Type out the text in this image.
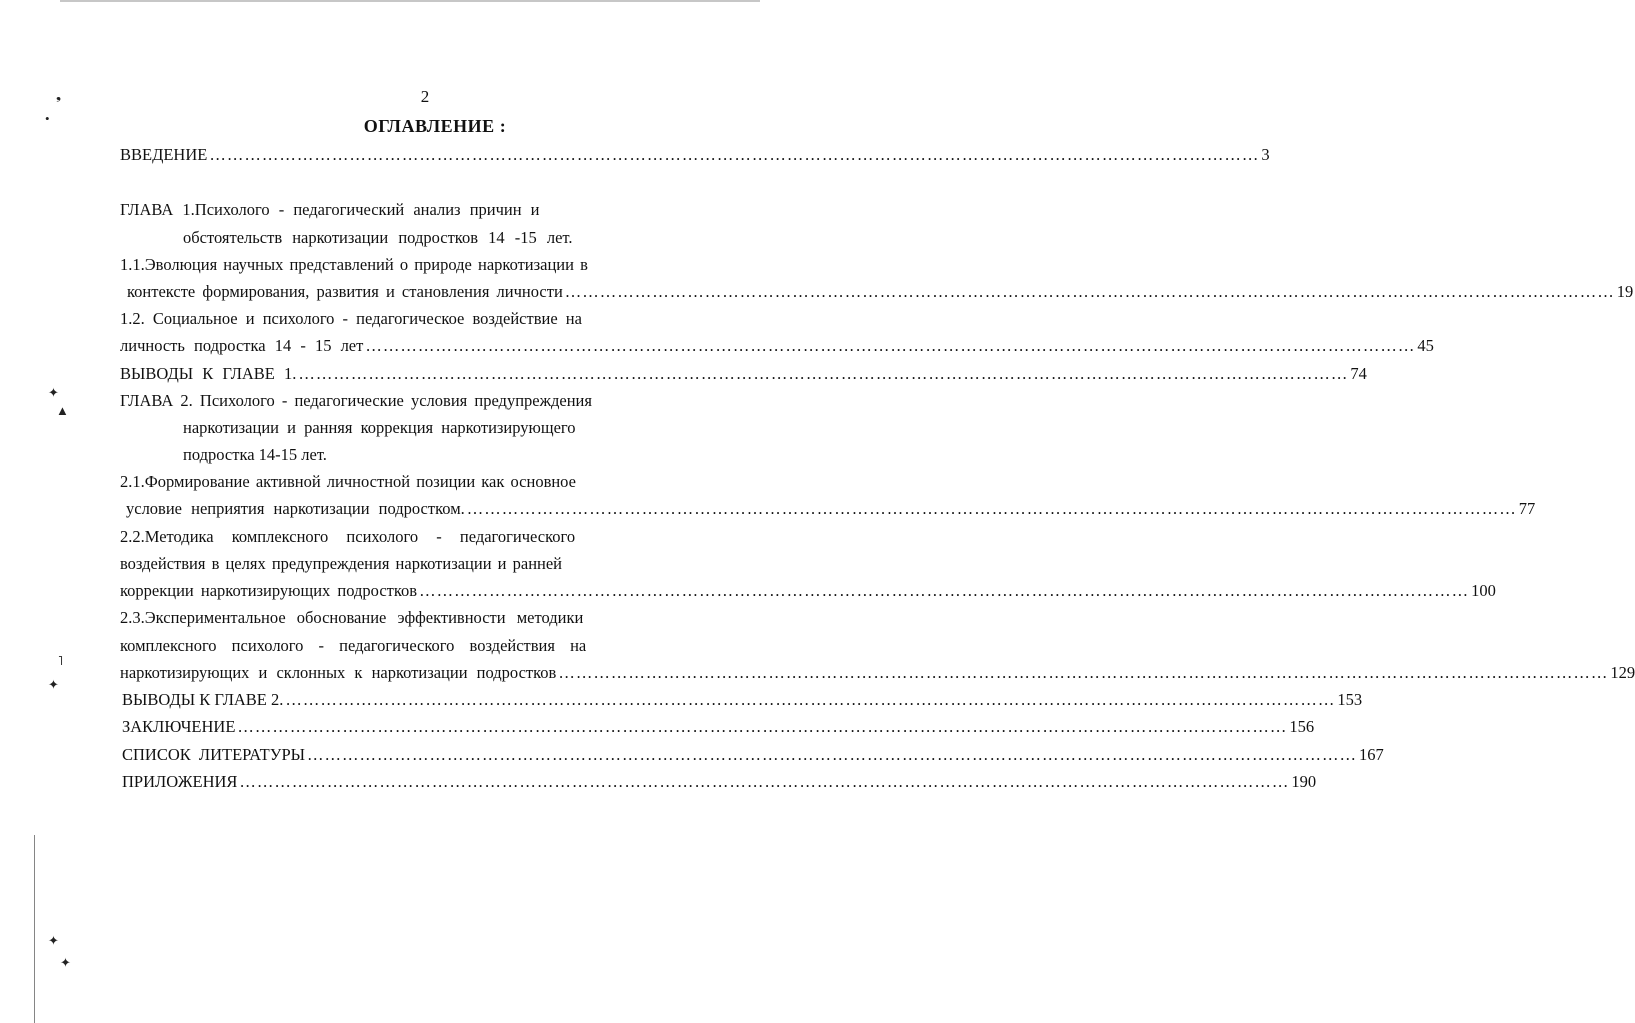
❟
•
✦
▲
˥
✦
✦
✦
2
ОГЛАВЛЕНИЕ :
ВВЕДЕНИЕ ……………………………………………………………………………………………………………………………………………………………… 3
ГЛАВА 1.Психолого - педагогический анализ причин и
обстоятельств наркотизации подростков 14 -15 лет.
1.1.Эволюция научных представлений о природе наркотизации в
контексте формирования, развития и становления личности ……………………………………………………………………………………………………………………………………………………………… 19
1.2. Социальное и психолого - педагогическое воздействие на
личность подростка 14 - 15 лет ……………………………………………………………………………………………………………………………………………………………… 45
ВЫВОДЫ К ГЛАВЕ 1. ……………………………………………………………………………………………………………………………………………………………… 74
ГЛАВА 2. Психолого - педагогические условия предупреждения
наркотизации и ранняя коррекция наркотизирующего
подростка 14-15 лет.
2.1.Формирование активной личностной позиции как основное
условие неприятия наркотизации подростком. ……………………………………………………………………………………………………………………………………………………………… 77
2.2.Методика комплексного психолого - педагогического
воздействия в целях предупреждения наркотизации и ранней
коррекции наркотизирующих подростков ……………………………………………………………………………………………………………………………………………………………… 100
2.3.Экспериментальное обоснование эффективности методики
комплексного психолого - педагогического воздействия на
наркотизирующих и склонных к наркотизации подростков ……………………………………………………………………………………………………………………………………………………………… 129
ВЫВОДЫ К ГЛАВЕ 2. ……………………………………………………………………………………………………………………………………………………………… 153
ЗАКЛЮЧЕНИЕ ……………………………………………………………………………………………………………………………………………………………… 156
СПИСОК ЛИТЕРАТУРЫ ……………………………………………………………………………………………………………………………………………………………… 167
ПРИЛОЖЕНИЯ ……………………………………………………………………………………………………………………………………………………………… 190
